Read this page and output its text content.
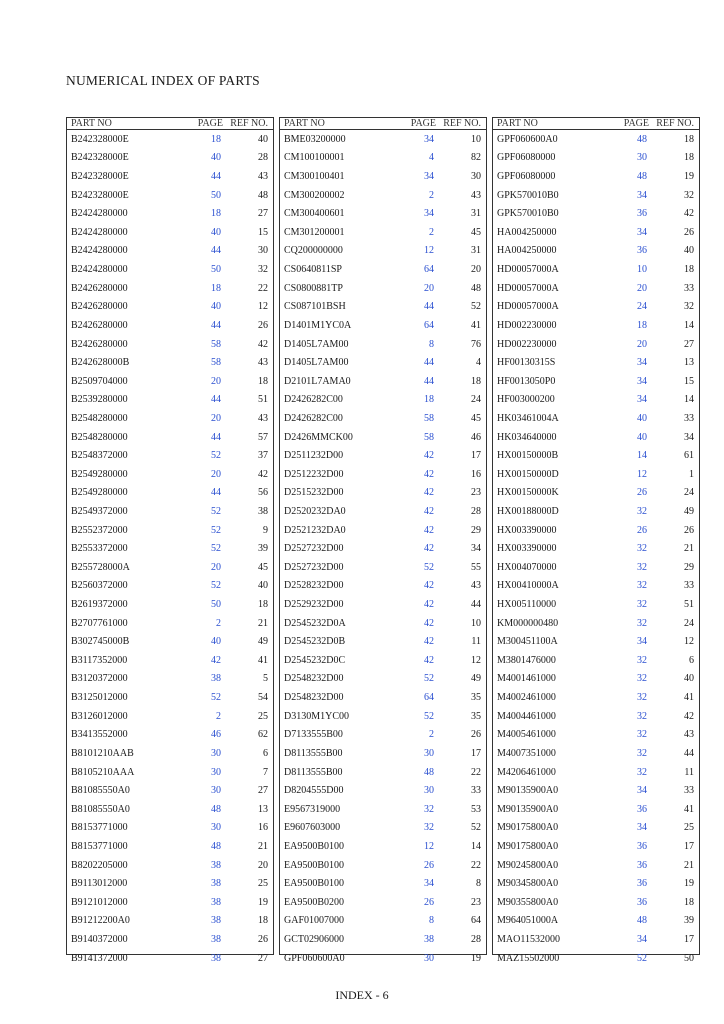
NUMERICAL INDEX OF PARTS
PART NO	PAGE REF NO.
B242328000E	18	40
B242328000E	40	28
B242328000E	44	43
B242328000E	50	48
B2424280000	18	27
B2424280000	40	15
B2424280000	44	30
B2424280000	50	32
B2426280000	18	22
B2426280000	40	12
B2426280000	44	26
B2426280000	58	42
B242628000B	58	43
B2509704000	20	18
B2539280000	44	51
B2548280000	20	43
B2548280000	44	57
B2548372000	52	37
B2549280000	20	42
B2549280000	44	56
B2549372000	52	38
B2552372000	52	9
B2553372000	52	39
B255728000A	20	45
B2560372000	52	40
B2619372000	50	18
B2707761000	2	21
B302745000B	40	49
B3117352000	42	41
B3120372000	38	5
B3125012000	52	54
B3126012000	2	25
B3413552000	46	62
B8101210AAB	30	6
B8105210AAA	30	7
B81085550A0	30	27
B81085550A0	48	13
B8153771000	30	16
B8153771000	48	21
B8202205000	38	20
B9113012000	38	25
B9121012000	38	19
B91212200A0	38	18
B9140372000	38	26
B9141372000	38	27
PART NO	PAGE REF NO.
BME03200000	34	10
CM100100001	4	82
CM300100401	34	30
CM300200002	2	43
CM300400601	34	31
CM301200001	2	45
CQ200000000	12	31
CS0640811SP	64	20
CS0800881TP	20	48
CS087101BSH	44	52
D1401M1YC0A	64	41
D1405L7AM00	8	76
D1405L7AM00	44	4
D2101L7AMA0	44	18
D2426282C00	18	24
D2426282C00	58	45
D2426MMCK00	58	46
D2511232D00	42	17
D2512232D00	42	16
D2515232D00	42	23
D2520232DA0	42	28
D2521232DA0	42	29
D2527232D00	42	34
D2527232D00	52	55
D2528232D00	42	43
D2529232D00	42	44
D2545232D0A	42	10
D2545232D0B	42	11
D2545232D0C	42	12
D2548232D00	52	49
D2548232D00	64	35
D3130M1YC00	52	35
D7133555B00	2	26
D8113555B00	30	17
D8113555B00	48	22
D8204555D00	30	33
E9567319000	32	53
E9607603000	32	52
EA9500B0100	12	14
EA9500B0100	26	22
EA9500B0100	34	8
EA9500B0200	26	23
GAF01007000	8	64
GCT02906000	38	28
GPF060600A0	30	19
PART NO	PAGE REF NO.
GPF060600A0	48	18
GPF06080000	30	18
GPF06080000	48	19
GPK570010B0	34	32
GPK570010B0	36	42
HA004250000	34	26
HA004250000	36	40
HD00057000A	10	18
HD00057000A	20	33
HD00057000A	24	32
HD002230000	18	14
HD002230000	20	27
HF00130315S	34	13
HF0013050P0	34	15
HF003000200	34	14
HK03461004A	40	33
HK034640000	40	34
HX00150000B	14	61
HX00150000D	12	1
HX00150000K	26	24
HX00188000D	32	49
HX003390000	26	26
HX003390000	32	21
HX004070000	32	29
HX00410000A	32	33
HX005110000	32	51
KM000000480	32	24
M300451100A	34	12
M3801476000	32	6
M4001461000	32	40
M4002461000	32	41
M4004461000	32	42
M4005461000	32	43
M4007351000	32	44
M4206461000	32	11
M90135900A0	34	33
M90135900A0	36	41
M90175800A0	34	25
M90175800A0	36	17
M90245800A0	36	21
M90345800A0	36	19
M90355800A0	36	18
M964051000A	48	39
MAO11532000	34	17
MAZ15502000	52	50
INDEX - 6
